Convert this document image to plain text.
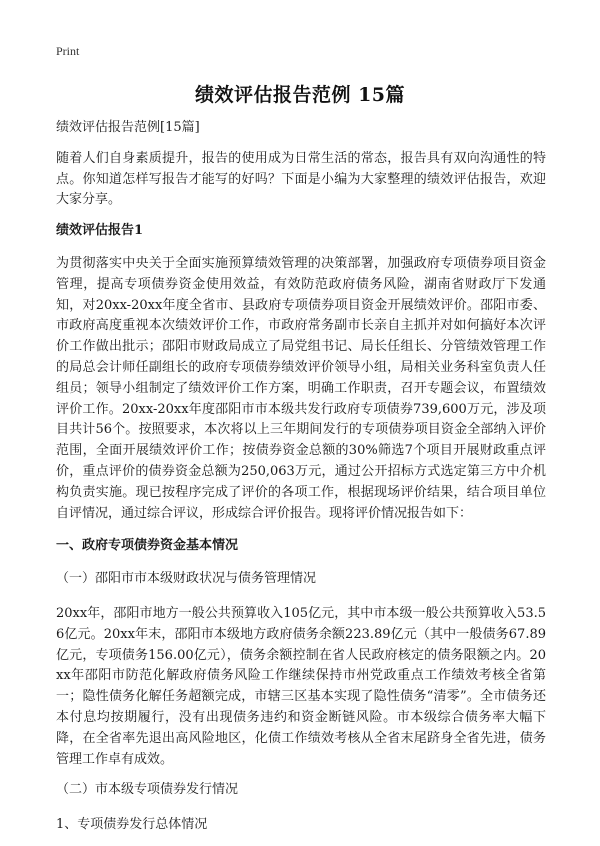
Print
绩效评估报告范例 15篇

绩效评估报告范例[15篇]

随着人们自身素质提升，报告的使用成为日常生活的常态，报告具有双向沟通性的特点。你知道怎样写报告才能写的好吗？下面是小编为大家整理的绩效评估报告，欢迎大家分享。

绩效评估报告1

为贯彻落实中央关于全面实施预算绩效管理的决策部署，加强政府专项债券项目资金管理，提高专项债券资金使用效益，有效防范政府债务风险，湖南省财政厅下发通知，对20xx-20xx年度全省市、县政府专项债券项目资金开展绩效评价。邵阳市委、市政府高度重视本次绩效评价工作，市政府常务副市长亲自主抓并对如何搞好本次评价工作做出批示；邵阳市财政局成立了局党组书记、局长任组长、分管绩效管理工作的局总会计师任副组长的政府专项债券绩效评价领导小组，局相关业务科室负责人任组员；领导小组制定了绩效评价工作方案，明确工作职责，召开专题会议，布置绩效评价工作。20xx-20xx年度邵阳市市本级共发行政府专项债券739,600万元，涉及项目共计56个。按照要求，本次将以上三年期间发行的专项债券项目资金全部纳入评价范围，全面开展绩效评价工作；按债券资金总额的30%筛选7个项目开展财政重点评价，重点评价的债券资金总额为250,063万元，通过公开招标方式选定第三方中介机构负责实施。现已按程序完成了评价的各项工作，根据现场评价结果，结合项目单位自评情况，通过综合评议，形成综合评价报告。现将评价情况报告如下：

一、政府专项债券资金基本情况

（一）邵阳市市本级财政状况与债务管理情况

20xx年，邵阳市地方一般公共预算收入105亿元，其中市本级一般公共预算收入53.56亿元。20xx年末，邵阳市本级地方政府债务余额223.89亿元（其中一般债务67.89亿元，专项债务156.00亿元），债务余额控制在省人民政府核定的债务限额之内。20xx年邵阳市防范化解政府债务风险工作继续保持市州党政重点工作绩效考核全省第一；隐性债务化解任务超额完成，市辖三区基本实现了隐性债务“清零”。全市债务还本付息均按期履行，没有出现债务违约和资金断链风险。市本级综合债务率大幅下降，在全省率先退出高风险地区，化债工作绩效考核从全省末尾跻身全省先进，债务管理工作卓有成效。

（二）市本级专项债券发行情况

1、专项债券发行总体情况
